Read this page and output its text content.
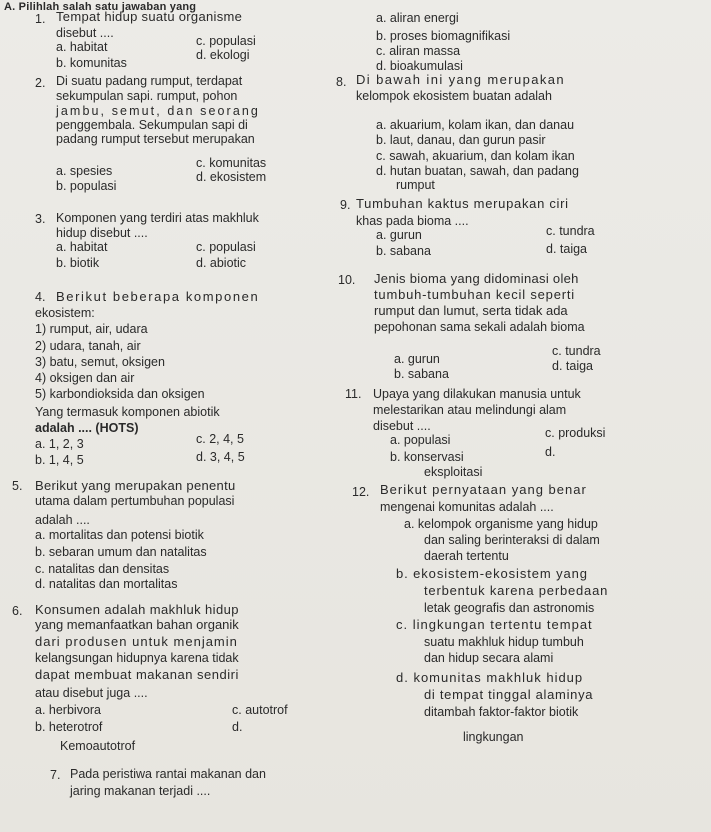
A. Pilihlah salah satu jawaban yang
1. Tempat hidup suatu organisme
disebut ....
a. habitat	c. populasi
b. komunitas
d. ekologi
a. aliran energi
b. proses biomagnifikasi
c. aliran massa
d. bioakumulasi
2. Di suatu padang rumput, terdapat
sekumpulan sapi. rumput, pohon
jambu, semut, dan seorang
penggembala. Sekumpulan sapi di
padang rumput tersebut merupakan
a. spesies
c. komunitas
b. populasi
d. ekosistem
3. Komponen yang terdiri atas makhluk
hidup disebut ....
a. habitat	c. populasi
b. biotik	d. abiotic
4. Berikut beberapa komponen
ekosistem:
1) rumput, air, udara
2) udara, tanah, air
3) batu, semut, oksigen
4) oksigen dan air
5) karbondioksida dan oksigen
Yang termasuk komponen abiotik
adalah .... (HOTS)
a. 1, 2, 3	c. 2, 4, 5
b. 1, 4, 5	d. 3, 4, 5
5. Berikut yang merupakan penentu
utama dalam pertumbuhan populasi
adalah ....
a. mortalitas dan potensi biotik
b. sebaran umum dan natalitas
c. natalitas dan densitas
d. natalitas dan mortalitas
6. Konsumen adalah makhluk hidup
yang memanfaatkan bahan organik
dari produsen untuk menjamin
kelangsungan hidupnya karena tidak
dapat membuat makanan sendiri
atau disebut juga ....
a. herbivora	c. autotrof
b. heterotrof	d.
Kemoautotrof
7. Pada peristiwa rantai makanan dan
jaring makanan terjadi ....
8. Di bawah ini yang merupakan
kelompok ekosistem buatan adalah
a. akuarium, kolam ikan, dan danau
b. laut, danau, dan gurun pasir
c. sawah, akuarium, dan kolam ikan
d. hutan buatan, sawah, dan padang
rumput
9. Tumbuhan kaktus merupakan ciri
khas pada bioma ....
a. gurun	c. tundra
b. sabana	d. taiga
10. Jenis bioma yang didominasi oleh
tumbuh-tumbuhan kecil seperti
rumput dan lumut, serta tidak ada
pepohonan sama sekali adalah bioma
a. gurun
c. tundra
b. sabana
d. taiga
11. Upaya yang dilakukan manusia untuk
melestarikan atau melindungi alam
disebut ....
a. populasi	c. produksi
b. konservasi	d.
eksploitasi
12. Berikut pernyataan yang benar
mengenai komunitas adalah ....
a. kelompok organisme yang hidup
dan saling berinteraksi di dalam
daerah tertentu
b. ekosistem-ekosistem yang
terbentuk karena perbedaan
letak geografis dan astronomis
c. lingkungan tertentu tempat
suatu makhluk hidup tumbuh
dan hidup secara alami
d. komunitas makhluk hidup
di tempat tinggal alaminya
ditambah faktor-faktor biotik
lingkungan
